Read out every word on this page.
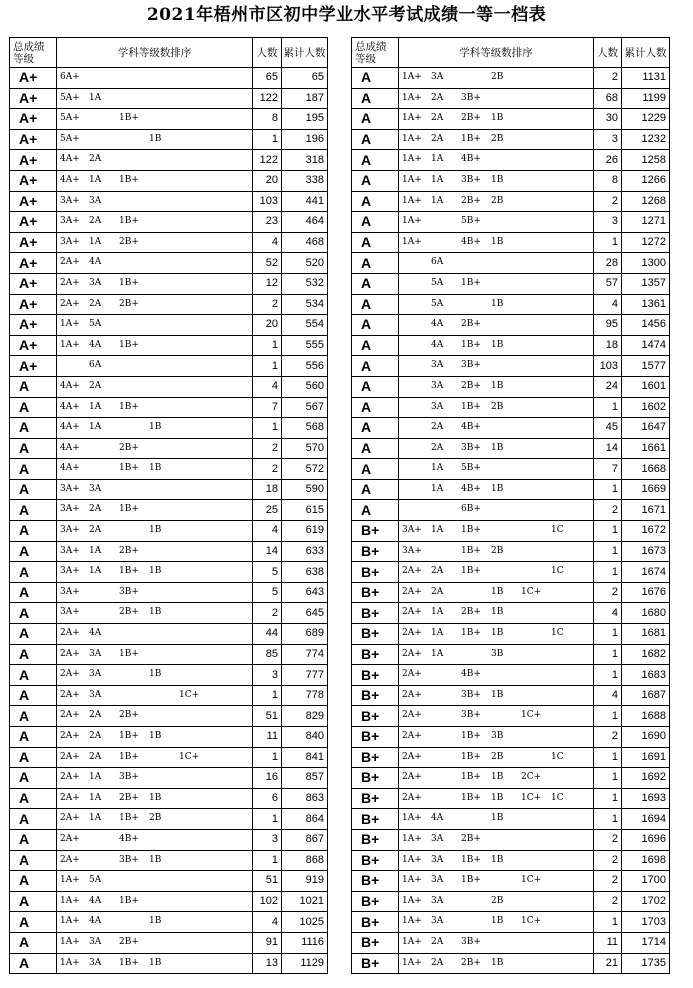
2021年梧州市区初中学业水平考试成绩一等一档表
总成绩
等级	学科等级数排序	人数	累计人数
A+	6A+	65	65
A+	5A+ 1A	122	187
A+	5A+ 1B+	8	195
A+	5A+ 1B	1	196
A+	4A+ 2A	122	318
A+	4A+ 1A 1B+	20	338
A+	3A+ 3A	103	441
A+	3A+ 2A 1B+	23	464
A+	3A+ 1A 2B+	4	468
A+	2A+ 4A	52	520
A+	2A+ 3A 1B+	12	532
A+	2A+ 2A 2B+	2	534
A+	1A+ 5A	20	554
A+	1A+ 4A 1B+	1	555
A+	6A	1	556
A	4A+ 2A	4	560
A	4A+ 1A 1B+	7	567
A	4A+ 1A 1B	1	568
A	4A+ 2B+	2	570
A	4A+ 1B+ 1B	2	572
A	3A+ 3A	18	590
A	3A+ 2A 1B+	25	615
A	3A+ 2A 1B	4	619
A	3A+ 1A 2B+	14	633
A	3A+ 1A 1B+ 1B	5	638
A	3A+ 3B+	5	643
A	3A+ 2B+ 1B	2	645
A	2A+ 4A	44	689
A	2A+ 3A 1B+	85	774
A	2A+ 3A 1B	3	777
A	2A+ 3A 1C+	1	778
A	2A+ 2A 2B+	51	829
A	2A+ 2A 1B+ 1B	11	840
A	2A+ 2A 1B+ 1C+	1	841
A	2A+ 1A 3B+	16	857
A	2A+ 1A 2B+ 1B	6	863
A	2A+ 1A 1B+ 2B	1	864
A	2A+ 4B+	3	867
A	2A+ 3B+ 1B	1	868
A	1A+ 5A	51	919
A	1A+ 4A 1B+	102	1021
A	1A+ 4A 1B	4	1025
A	1A+ 3A 2B+	91	1116
A	1A+ 3A 1B+ 1B	13	1129
总成绩
等级	学科等级数排序	人数	累计人数
A	1A+ 3A 2B	2	1131
A	1A+ 2A 3B+	68	1199
A	1A+ 2A 2B+ 1B	30	1229
A	1A+ 2A 1B+ 2B	3	1232
A	1A+ 1A 4B+	26	1258
A	1A+ 1A 3B+ 1B	8	1266
A	1A+ 1A 2B+ 2B	2	1268
A	1A+ 5B+	3	1271
A	1A+ 4B+ 1B	1	1272
A	6A	28	1300
A	5A 1B+	57	1357
A	5A 1B	4	1361
A	4A 2B+	95	1456
A	4A 1B+ 1B	18	1474
A	3A 3B+	103	1577
A	3A 2B+ 1B	24	1601
A	3A 1B+ 2B	1	1602
A	2A 4B+	45	1647
A	2A 3B+ 1B	14	1661
A	1A 5B+	7	1668
A	1A 4B+ 1B	1	1669
A	6B+	2	1671
B+	3A+ 1A 1B+ 1C	1	1672
B+	3A+ 1B+ 2B	1	1673
B+	2A+ 2A 1B+ 1C	1	1674
B+	2A+ 2A 1B 1C+	2	1676
B+	2A+ 1A 2B+ 1B	4	1680
B+	2A+ 1A 1B+ 1B 1C	1	1681
B+	2A+ 1A 3B	1	1682
B+	2A+ 4B+	1	1683
B+	2A+ 3B+ 1B	4	1687
B+	2A+ 3B+ 1C+	1	1688
B+	2A+ 1B+ 3B	2	1690
B+	2A+ 1B+ 2B 1C	1	1691
B+	2A+ 1B+ 1B 2C+	1	1692
B+	2A+ 1B+ 1B 1C+ 1C	1	1693
B+	1A+ 4A 1B	1	1694
B+	1A+ 3A 2B+	2	1696
B+	1A+ 3A 1B+ 1B	2	1698
B+	1A+ 3A 1B+ 1C+	2	1700
B+	1A+ 3A 2B	2	1702
B+	1A+ 3A 1B 1C+	1	1703
B+	1A+ 2A 3B+	11	1714
B+	1A+ 2A 2B+ 1B	21	1735
